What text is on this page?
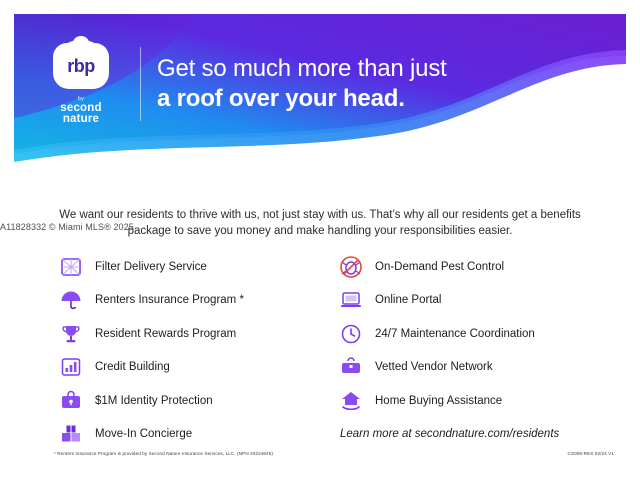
rbp
by
second
nature
Get so much more than just
a roof over your head.
We want our residents to thrive with us, not just stay with us. That’s why all our residents get a benefits package to save you money and make handling your responsibilities easier.
Filter Delivery Service	On-Demand Pest Control
Renters Insurance Program *	Online Portal
Resident Rewards Program	24/7 Maintenance Coordination
Credit Building	Vetted Vendor Network
$1M Identity Protection	Home Buying Assistance
Move-In Concierge	Learn more at secondnature.com/residents
* Renters Insurance Program is provided by Second Nature Insurance Services, LLC. (NPN 20224625)	CS008-RES 02/24 V1
A11828332 © Miami MLS® 2025
